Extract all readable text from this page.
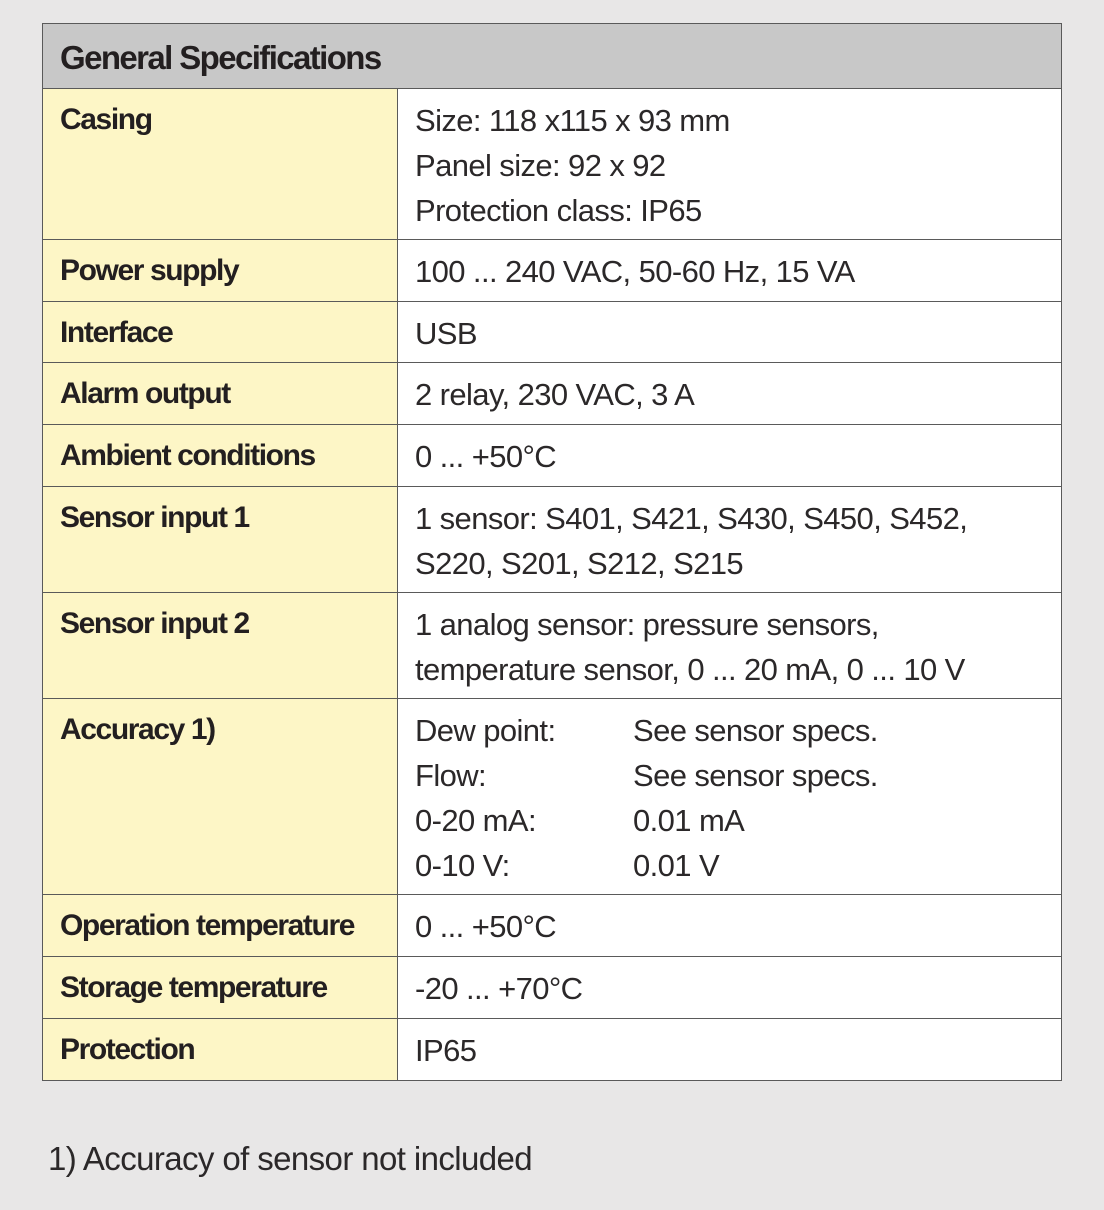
General Specifications
Casing	Size: 118 x115 x 93 mm
Panel size: 92 x 92
Protection class: IP65
Power supply	100 ... 240 VAC, 50-60 Hz, 15 VA
Interface	USB
Alarm output	2 relay, 230 VAC, 3 A
Ambient conditions	0 ... +50°C
Sensor input 1	1 sensor: S401, S421, S430, S450, S452,
S220, S201, S212, S215
Sensor input 2	1 analog sensor: pressure sensors,
temperature sensor, 0 ... 20 mA, 0 ... 10 V
Accuracy 1)	Dew point:	See sensor specs.
Flow:	See sensor specs.
0-20 mA:	0.01 mA
0-10 V:	0.01 V
Operation temperature	0 ... +50°C
Storage temperature	-20 ... +70°C
Protection	IP65
1) Accuracy of sensor not included
